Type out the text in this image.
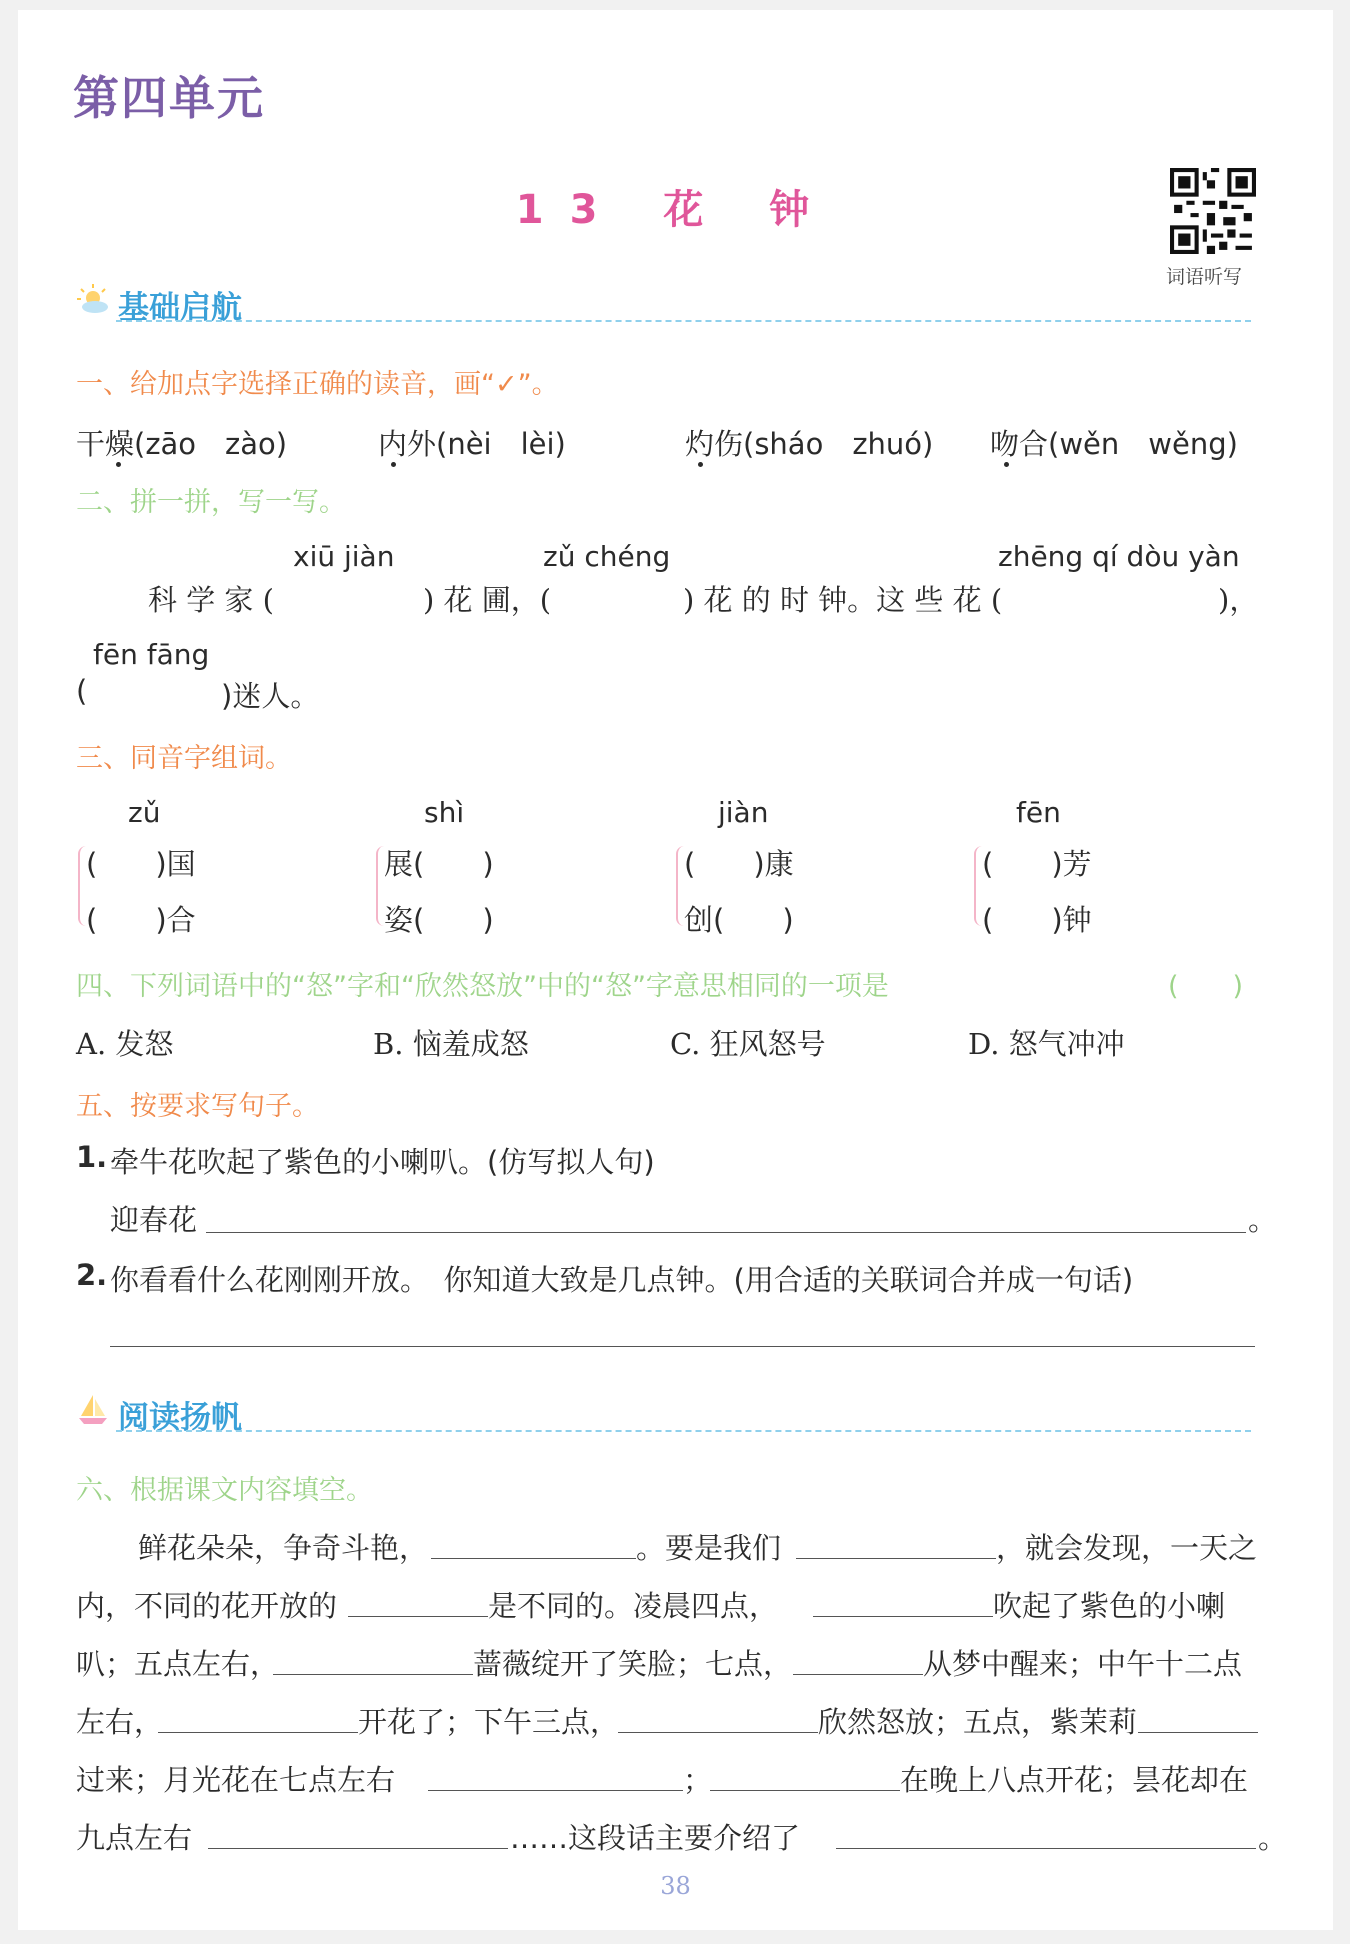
第四单元
13 花 钟
词语听写
基础启航
一、给加点字选择正确的读音，画“✓”。
干燥(zāo　zào)	内外(nèi　lèi)	灼伤(sháo　zhuó) 吻合(wěn　wěng)
二、拼一拼，写一写。
xiū jiàn	zǔ chéng	zhēng qí dòu yàn
科 学 家 (	) 花 圃，(	) 花 的 时 钟。这 些 花 (	)，
fēn fāng
(	)迷人。
三、同音字组词。
zǔ
(　　)国
(　　)合
shì
展(　　)
姿(　　)
jiàn
(　　)康
创(　　)
fēn
(　　)芳
(　　)钟
四、下列词语中的“怒”字和“欣然怒放”中的“怒”字意思相同的一项是	(　　)
A. 发怒	B. 恼羞成怒	C. 狂风怒号	D. 怒气冲冲
五、按要求写句子。
1. 牵牛花吹起了紫色的小喇叭。(仿写拟人句)
迎春花	。
2. 你看看什么花刚刚开放。　你知道大致是几点钟。(用合适的关联词合并成一句话)
阅读扬帆
六、根据课文内容填空。
鲜花朵朵，争奇斗艳，	。要是我们	，就会发现，一天之
内，不同的花开放的	是不同的。凌晨四点，	吹起了紫色的小喇
叭；五点左右，	蔷薇绽开了笑脸；七点，	从梦中醒来；中午十二点
左右，	开花了；下午三点，	欣然怒放；五点，紫茉莉
过来；月光花在七点左右	；	在晚上八点开花；昙花却在
九点左右	……这段话主要介绍了	。
38
